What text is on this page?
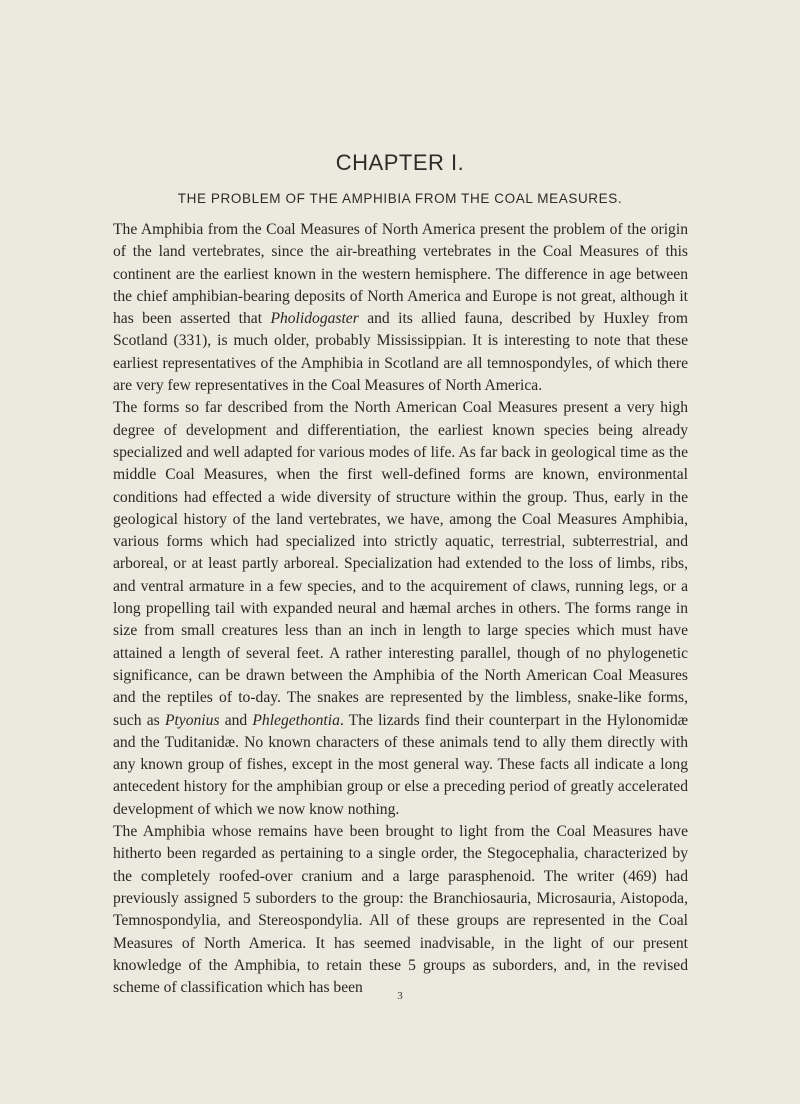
CHAPTER I.
THE PROBLEM OF THE AMPHIBIA FROM THE COAL MEASURES.

The Amphibia from the Coal Measures of North America present the problem of the origin of the land vertebrates, since the air-breathing vertebrates in the Coal Measures of this continent are the earliest known in the western hemisphere. The difference in age between the chief amphibian-bearing deposits of North America and Europe is not great, although it has been asserted that Pholidogaster and its allied fauna, described by Huxley from Scotland (331), is much older, probably Mississippian. It is interesting to note that these earliest representatives of the Amphibia in Scotland are all temnospondyles, of which there are very few representatives in the Coal Measures of North America.

The forms so far described from the North American Coal Measures present a very high degree of development and differentiation, the earliest known species being already specialized and well adapted for various modes of life. As far back in geological time as the middle Coal Measures, when the first well-defined forms are known, environmental conditions had effected a wide diversity of structure within the group. Thus, early in the geological history of the land vertebrates, we have, among the Coal Measures Amphibia, various forms which had specialized into strictly aquatic, terrestrial, subterrestrial, and arboreal, or at least partly arboreal. Specialization had extended to the loss of limbs, ribs, and ventral armature in a few species, and to the acquirement of claws, running legs, or a long propelling tail with expanded neural and hæmal arches in others. The forms range in size from small creatures less than an inch in length to large species which must have attained a length of several feet. A rather interesting parallel, though of no phylogenetic significance, can be drawn between the Amphibia of the North American Coal Measures and the reptiles of to-day. The snakes are represented by the limbless, snake-like forms, such as Ptyonius and Phlegethontia. The lizards find their counterpart in the Hylonomidæ and the Tuditanidæ. No known characters of these animals tend to ally them directly with any known group of fishes, except in the most general way. These facts all indicate a long antecedent history for the amphibian group or else a preceding period of greatly accelerated development of which we now know nothing.

The Amphibia whose remains have been brought to light from the Coal Measures have hitherto been regarded as pertaining to a single order, the Stegocephalia, characterized by the completely roofed-over cranium and a large parasphenoid. The writer (469) had previously assigned 5 suborders to the group: the Branchiosauria, Microsauria, Aistopoda, Temnospondylia, and Stereospondylia. All of these groups are represented in the Coal Measures of North America. It has seemed inadvisable, in the light of our present knowledge of the Amphibia, to retain these 5 groups as suborders, and, in the revised scheme of classification which has been	3
